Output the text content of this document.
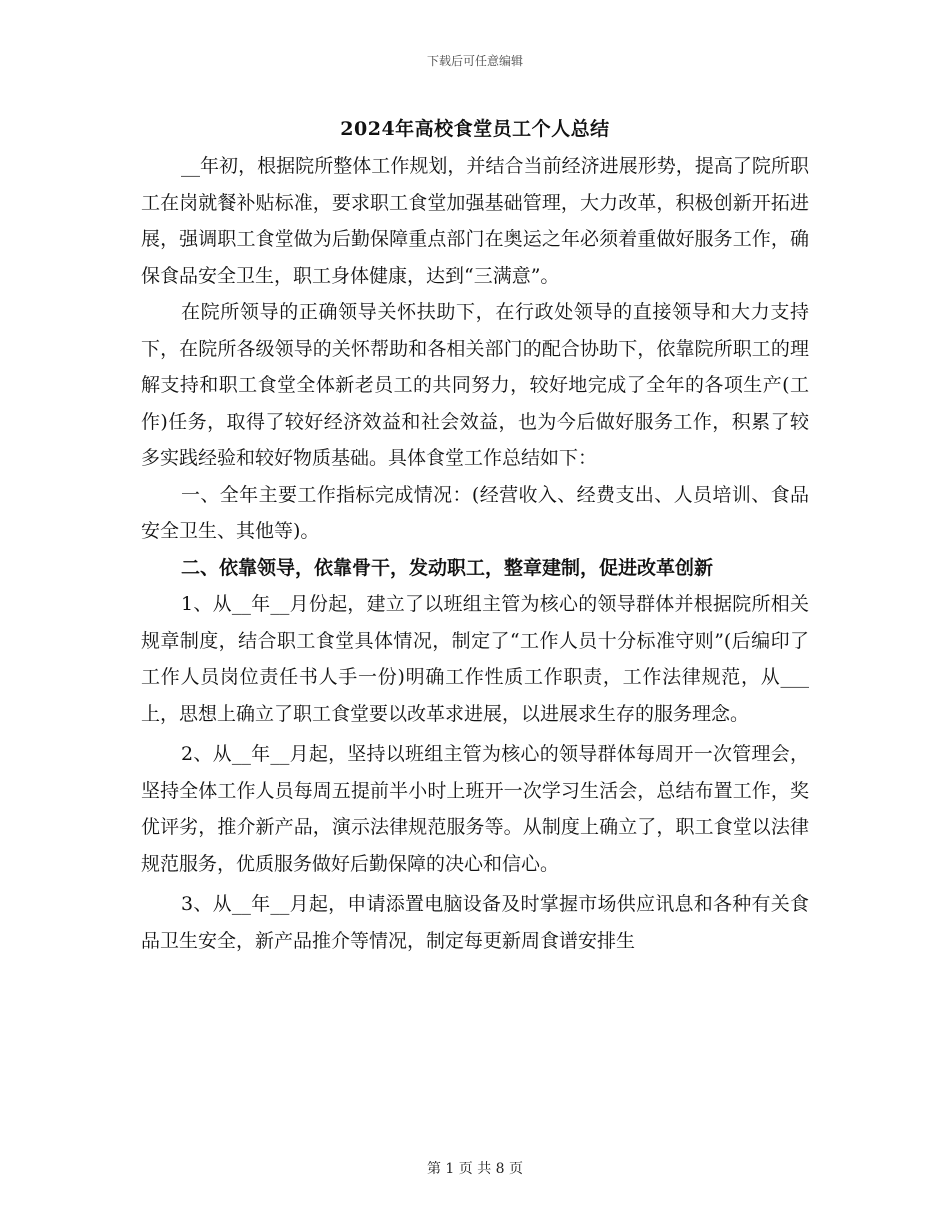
下载后可任意编辑
2024年高校食堂员工个人总结

__年初，根据院所整体工作规划，并结合当前经济进展形势，提高了院所职工在岗就餐补贴标准，要求职工食堂加强基础管理，大力改革，积极创新开拓进展，强调职工食堂做为后勤保障重点部门在奥运之年必须着重做好服务工作，确保食品安全卫生，职工身体健康，达到“三满意”。

在院所领导的正确领导关怀扶助下，在行政处领导的直接领导和大力支持下，在院所各级领导的关怀帮助和各相关部门的配合协助下，依靠院所职工的理解支持和职工食堂全体新老员工的共同努力，较好地完成了全年的各项生产(工作)任务，取得了较好经济效益和社会效益，也为今后做好服务工作，积累了较多实践经验和较好物质基础。具体食堂工作总结如下：

一、全年主要工作指标完成情况：(经营收入、经费支出、人员培训、食品安全卫生、其他等)。

二、依靠领导，依靠骨干，发动职工，整章建制，促进改革创新

1、从__年__月份起，建立了以班组主管为核心的领导群体并根据院所相关规章制度，结合职工食堂具体情况，制定了“工作人员十分标准守则”(后编印了工作人员岗位责任书人手一份)明确工作性质工作职责，工作法律规范，从___上，思想上确立了职工食堂要以改革求进展，以进展求生存的服务理念。

2、从__年__月起，坚持以班组主管为核心的领导群体每周开一次管理会，坚持全体工作人员每周五提前半小时上班开一次学习生活会，总结布置工作，奖优评劣，推介新产品，演示法律规范服务等。从制度上确立了，职工食堂以法律规范服务，优质服务做好后勤保障的决心和信心。

3、从__年__月起，申请添置电脑设备及时掌握市场供应讯息和各种有关食品卫生安全，新产品推介等情况，制定每更新周食谱安排生

第 1 页 共 8 页
